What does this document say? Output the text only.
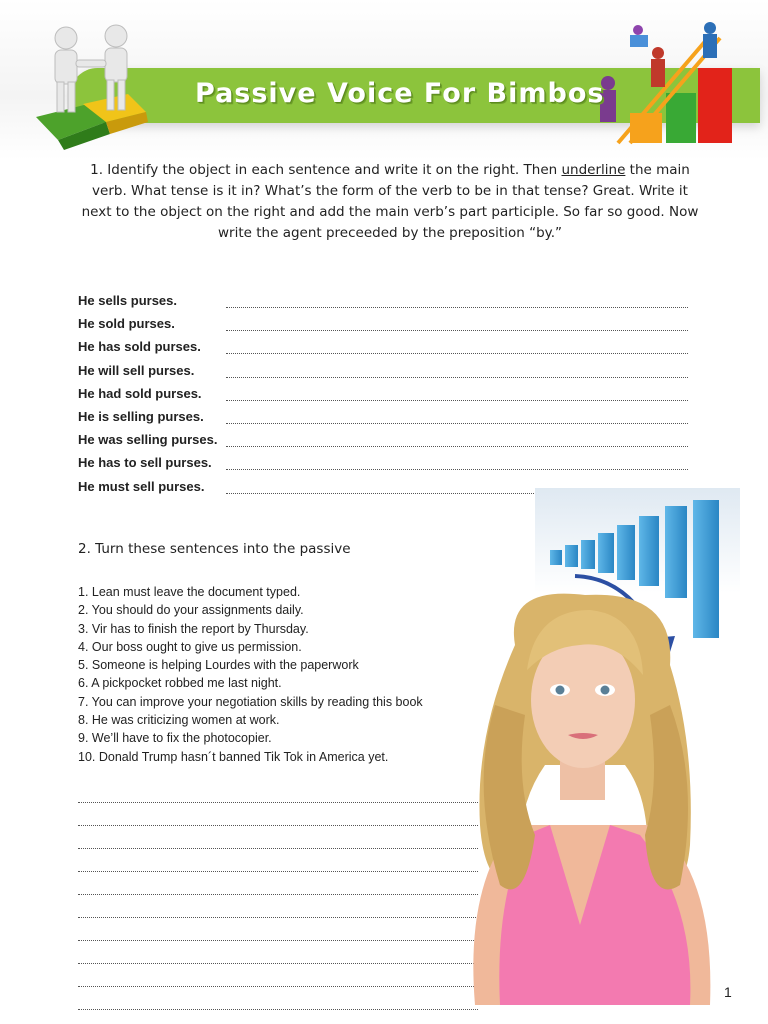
Passive Voice For Bimbos
1. Identify the object in each sentence and write it on the right. Then underline the main verb. What tense is it in? What’s the form of the verb to be in that tense? Great. Write it next to the object on the right and add the main verb’s part participle. So far so good. Now write the agent preceeded by the preposition “by.”
He sells purses.
He sold purses.
He has sold purses.
He will sell purses.
He had sold purses.
He is selling purses.
He was selling purses.
He has to sell purses.
He must sell purses.
2. Turn these sentences into the passive
1. Lean must leave the document typed.
2. You should do your assignments daily.
3. Vir has to finish the report by Thursday.
4. Our boss ought to give us permission.
5. Someone is helping Lourdes with the paperwork
6. A pickpocket robbed me last night.
7. You can improve your negotiation skills by reading this book
8. He was criticizing women at work.
9. We’ll have to fix the photocopier.
10. Donald Trump hasn´t banned Tik Tok in America yet.
1
